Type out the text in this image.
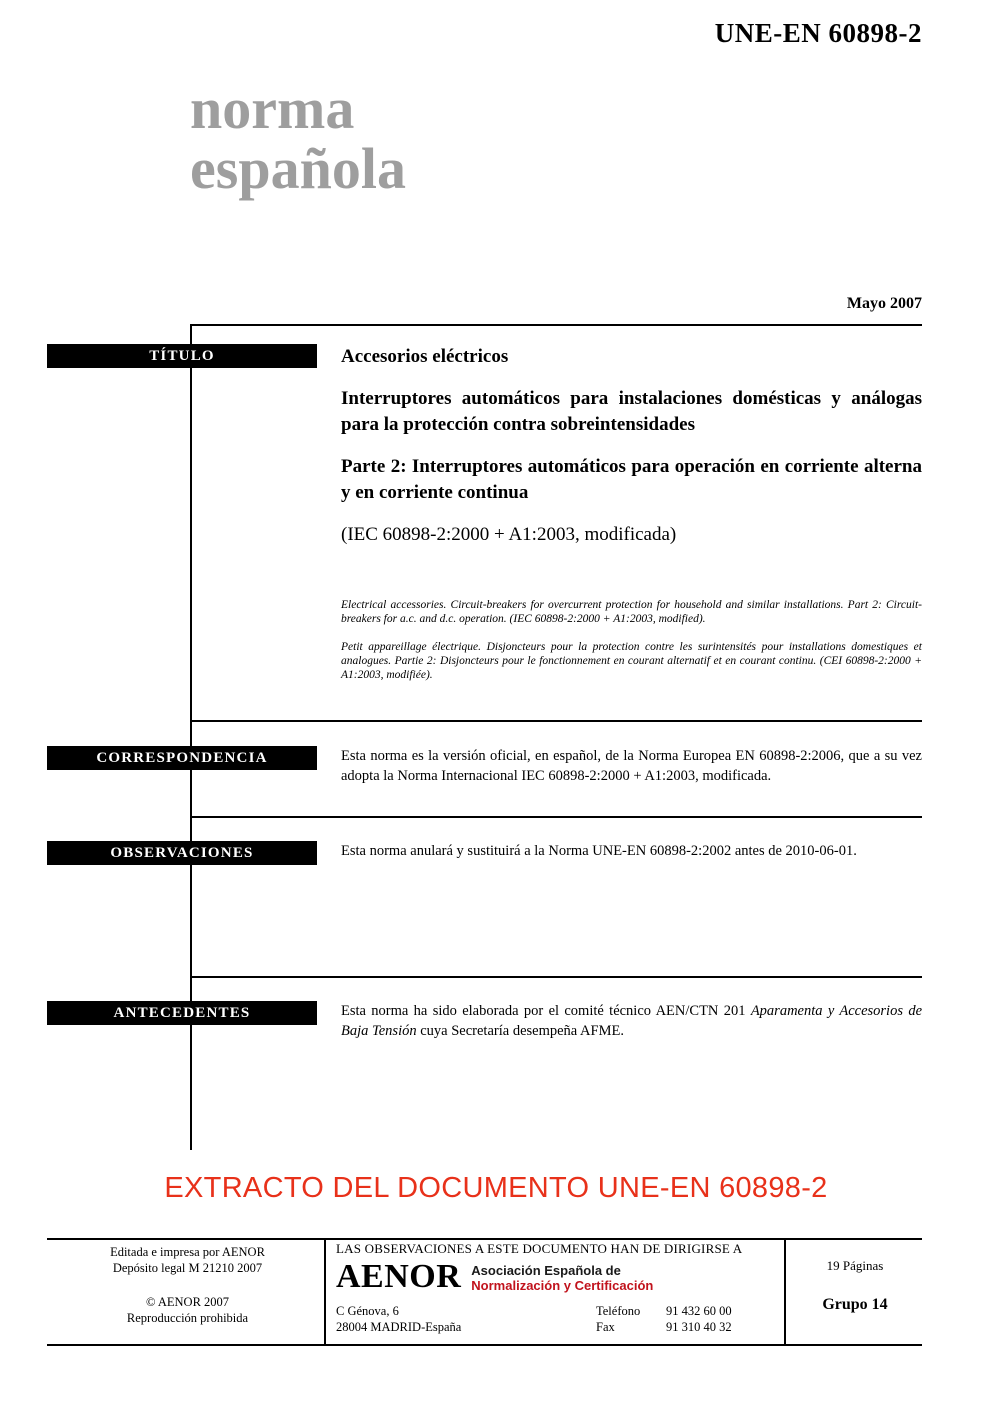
norma
española
UNE-EN 60898-2
Mayo 2007
TÍTULO
CORRESPONDENCIA
OBSERVACIONES
ANTECEDENTES

Accesorios eléctricos

Interruptores automáticos para instalaciones domésticas y análogas para la protección contra sobreintensidades

Parte 2: Interruptores automáticos para operación en corriente alterna y en corriente continua

(IEC 60898-2:2000 + A1:2003, modificada)

Electrical accessories. Circuit-breakers for overcurrent protection for household and similar installations. Part 2: Circuit-breakers for a.c. and d.c. operation. (IEC 60898-2:2000 + A1:2003, modified).

Petit appareillage électrique. Disjoncteurs pour la protection contre les surintensités pour installations domestiques et analogues. Partie 2: Disjoncteurs pour le fonctionnement en courant alternatif et en courant continu. (CEI 60898-2:2000 + A1:2003, modifiée).

Esta norma es la versión oficial, en español, de la Norma Europea EN 60898-2:2006, que a su vez adopta la Norma Internacional IEC 60898-2:2000 + A1:2003, modificada.
Esta norma anulará y sustituirá a la Norma UNE-EN 60898-2:2002 antes de 2010-06-01.
Esta norma ha sido elaborada por el comité técnico AEN/CTN 201 Aparamenta y Accesorios de Baja Tensión cuya Secretaría desempeña AFME.
EXTRACTO DEL DOCUMENTO UNE-EN 60898-2
Editada e impresa por AENOR
Depósito legal M 21210 2007
© AENOR 2007
Reproducción prohibida
LAS OBSERVACIONES A ESTE DOCUMENTO HAN DE DIRIGIRSE A
AENOR Asociación Española de
Normalización y Certificación
C Génova, 6
28004 MADRID-España
Teléfono
Fax
91 432 60 00
91 310 40 32
19 Páginas
Grupo 14
